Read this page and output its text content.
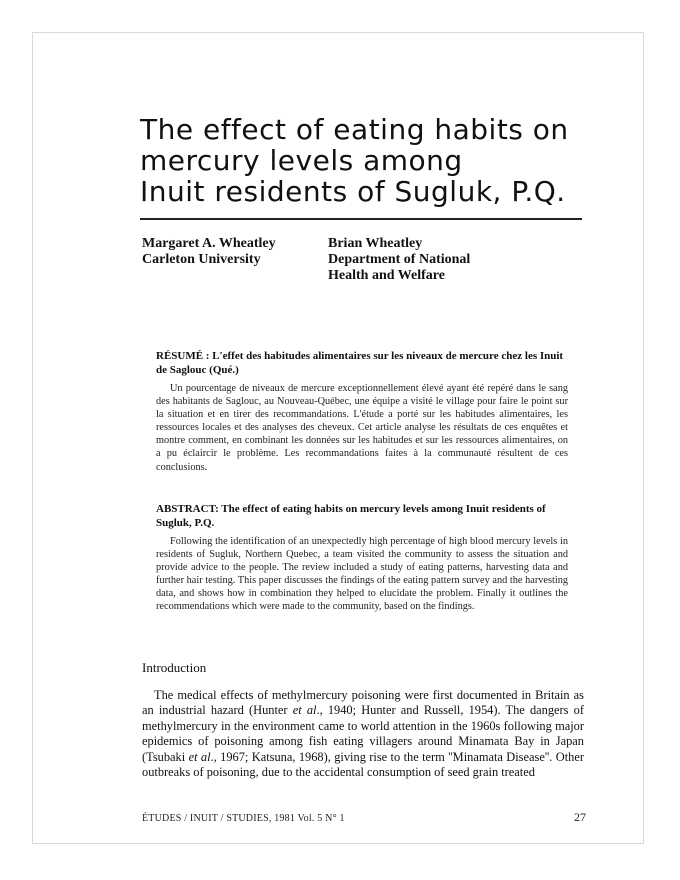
The effect of eating habits on
mercury levels among
Inuit residents of Sugluk, P.Q.
Margaret A. Wheatley
Carleton University
Brian Wheatley
Department of National
Health and Welfare

RÉSUMÉ : L'effet des habitudes alimentaires sur les niveaux de mercure chez les Inuit de Saglouc (Qué.)

Un pourcentage de niveaux de mercure exceptionnellement élevé ayant été repéré dans le sang des habitants de Saglouc, au Nouveau-Québec, une équipe a visité le village pour faire le point sur la situation et en tirer des recommandations. L'étude a porté sur les habitudes alimentaires, les ressources locales et des analyses des cheveux. Cet article analyse les résultats de ces enquêtes et montre comment, en combinant les données sur les habitudes et sur les ressources alimentaires, on a pu éclaircir le problème. Les recommandations faites à la communauté résultent de ces conclusions.

ABSTRACT: The effect of eating habits on mercury levels among Inuit residents of Sugluk, P.Q.

Following the identification of an unexpectedly high percentage of high blood mercury levels in residents of Sugluk, Northern Quebec, a team visited the community to assess the situation and provide advice to the people. The review included a study of eating patterns, harvesting data and further hair testing. This paper discusses the findings of the eating pattern survey and the harvesting data, and shows how in combination they helped to elucidate the problem. Finally it outlines the recommendations which were made to the community, based on the findings.

Introduction

The medical effects of methylmercury poisoning were first documented in Britain as an industrial hazard (Hunter et al., 1940; Hunter and Russell, 1954). The dangers of methylmercury in the environment came to world attention in the 1960s following major epidemics of poisoning among fish eating villagers around Minamata Bay in Japan (Tsubaki et al., 1967; Katsuna, 1968), giving rise to the term ''Minamata Disease''. Other outbreaks of poisoning, due to the accidental consumption of seed grain treated

ÉTUDES / INUIT / STUDIES, 1981 Vol. 5 N° 1	27
